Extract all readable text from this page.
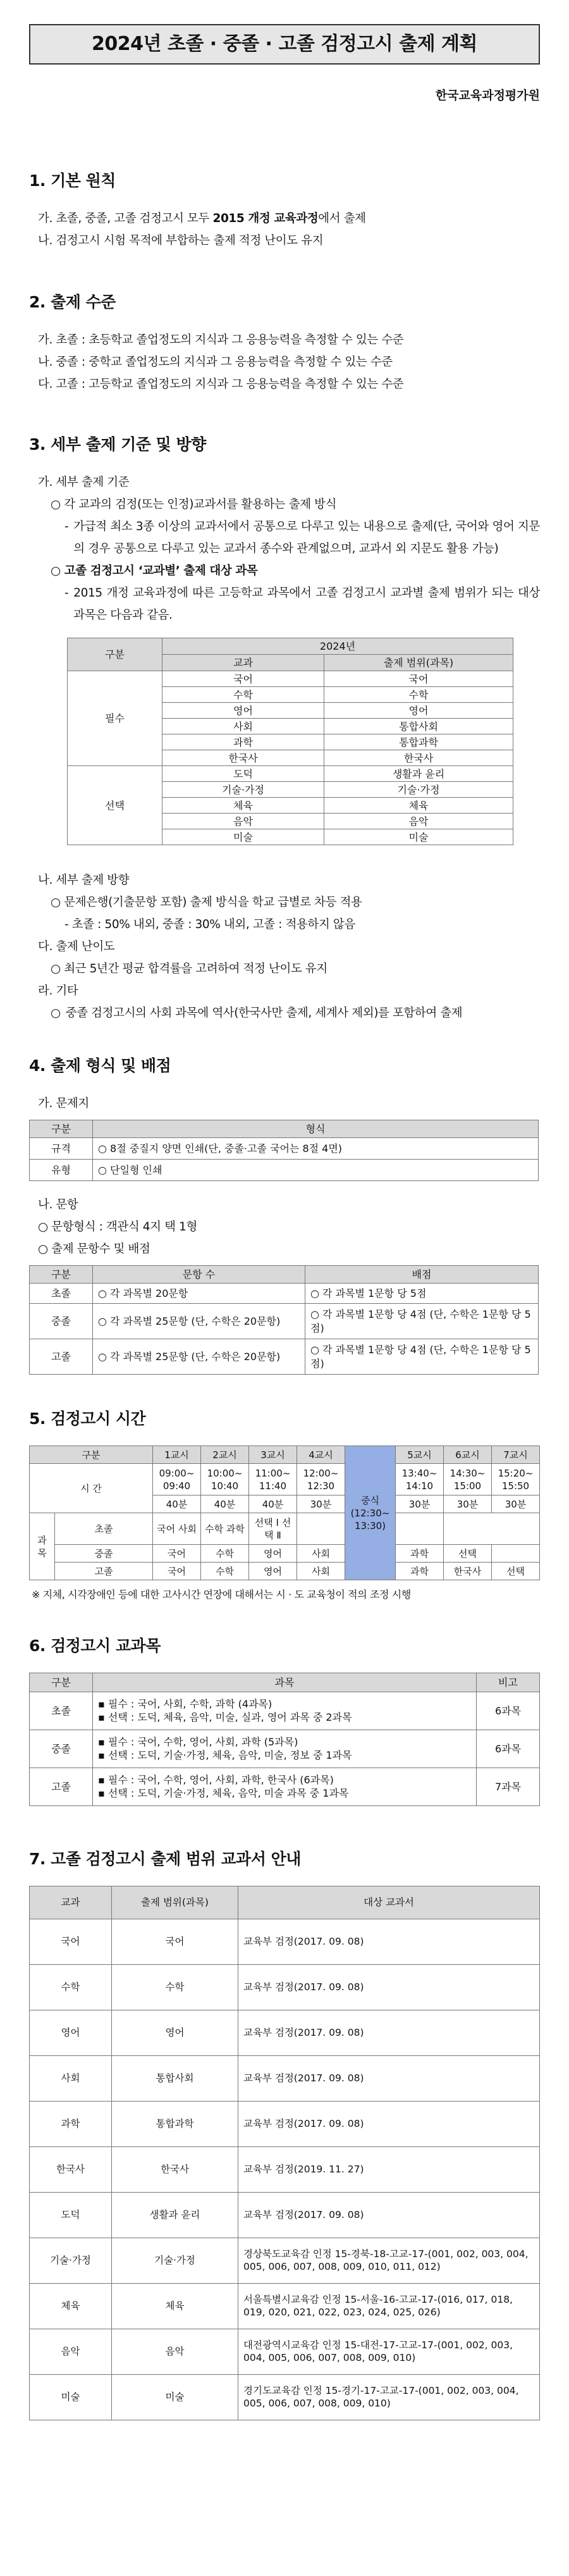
2024년 초졸 · 중졸 · 고졸 검정고시 출제 계획
한국교육과정평가원
1. 기본 원칙
가. 초졸, 중졸, 고졸 검정고시 모두 2015 개정 교육과정에서 출제
나. 검정고시 시험 목적에 부합하는 출제 적정 난이도 유지
2. 출제 수준
가. 초졸 : 초등학교 졸업정도의 지식과 그 응용능력을 측정할 수 있는 수준
나. 중졸 : 중학교 졸업정도의 지식과 그 응용능력을 측정할 수 있는 수준
다. 고졸 : 고등학교 졸업정도의 지식과 그 응용능력을 측정할 수 있는 수준
3. 세부 출제 기준 및 방향
가. 세부 출제 기준
○ 각 교과의 검정(또는 인정)교과서를 활용하는 출제 방식
- 가급적 최소 3종 이상의 교과서에서 공통으로 다루고 있는 내용으로 출제(단, 국어와 영어 지문의 경우 공통으로 다루고 있는 교과서 종수와 관계없으며, 교과서 외 지문도 활용 가능)
○ 고졸 검정고시 ‘교과별’ 출제 대상 과목
- 2015 개정 교육과정에 따른 고등학교 과목에서 고졸 검정고시 교과별 출제 범위가 되는 대상 과목은 다음과 같음.
구분	2024년	
	교과	출제 범위(과목)
필수	국어	국어
	수학	수학
	영어	영어
	사회	통합사회
	과학	통합과학
	한국사	한국사
선택	도덕	생활과 윤리
	기술·가정	기술·가정
	체육	체육
	음악	음악
	미술	미술
나. 세부 출제 방향
○ 문제은행(기출문항 포함) 출제 방식을 학교 급별로 차등 적용
- 초졸 : 50% 내외, 중졸 : 30% 내외, 고졸 : 적용하지 않음
다. 출제 난이도
○ 최근 5년간 평균 합격률을 고려하여 적정 난이도 유지
라. 기타
○ 중졸 검정고시의 사회 과목에 역사(한국사만 출제, 세계사 제외)를 포함하여 출제
4. 출제 형식 및 배점
가. 문제지
구분	형식
규격	○ 8절 중질지 양면 인쇄(단, 중졸·고졸 국어는 8절 4면)
유형	○ 단일형 인쇄
나. 문항
○ 문항형식 : 객관식 4지 택 1형
○ 출제 문항수 및 배점
구분	문항 수	배점
초졸	○ 각 과목별 20문항	○ 각 과목별 1문항 당 5점
중졸	○ 각 과목별 25문항 (단, 수학은 20문항)	○ 각 과목별 1문항 당 4점 (단, 수학은 1문항 당 5점)
고졸	○ 각 과목별 25문항 (단, 수학은 20문항)	○ 각 과목별 1문항 당 4점 (단, 수학은 1문항 당 5점)
5. 검정고시 시간
구분		1교시	2교시	3교시	4교시	중식 (12:30~ 13:30)	5교시	6교시	7교시
시 간		09:00~ 09:40	10:00~ 10:40	11:00~ 11:40	12:00~ 12:30		13:40~ 14:10	14:30~ 15:00	15:20~ 15:50
		40분	40분	40분	30분		30분	30분	30분
과 목	초졸	국어 사회	수학 과학	선택 Ⅰ 선택 Ⅱ					
	중졸	국어	수학	영어	사회		과학	선택	
	고졸	국어	수학	영어	사회		과학	한국사	선택
※ 지체, 시각장애인 등에 대한 고사시간 연장에 대해서는 시 · 도 교육청이 적의 조정 시행
6. 검정고시 교과목
구분	과목	비고
초졸	▪ 필수 : 국어, 사회, 수학, 과학 (4과목)
▪ 선택 : 도덕, 체육, 음악, 미술, 실과, 영어 과목 중 2과목	6과목
중졸	▪ 필수 : 국어, 수학, 영어, 사회, 과학 (5과목)
▪ 선택 : 도덕, 기술·가정, 체육, 음악, 미술, 정보 중 1과목	6과목
고졸	▪ 필수 : 국어, 수학, 영어, 사회, 과학, 한국사 (6과목)
▪ 선택 : 도덕, 기술·가정, 체육, 음악, 미술 과목 중 1과목	7과목
7. 고졸 검정고시 출제 범위 교과서 안내
교과	출제 범위(과목)	대상 교과서
국어	국어	교육부 검정(2017. 09. 08)
수학	수학	교육부 검정(2017. 09. 08)
영어	영어	교육부 검정(2017. 09. 08)
사회	통합사회	교육부 검정(2017. 09. 08)
과학	통합과학	교육부 검정(2017. 09. 08)
한국사	한국사	교육부 검정(2019. 11. 27)
도덕	생활과 윤리	교육부 검정(2017. 09. 08)
기술·가정	기술·가정	경상북도교육감 인정 15-경북-18-고교-17-(001, 002, 003, 004, 005, 006, 007, 008, 009, 010, 011, 012)
체육	체육	서울특별시교육감 인정 15-서울-16-고교-17-(016, 017, 018, 019, 020, 021, 022, 023, 024, 025, 026)
음악	음악	대전광역시교육감 인정 15-대전-17-고교-17-(001, 002, 003, 004, 005, 006, 007, 008, 009, 010)
미술	미술	경기도교육감 인정 15-경기-17-고교-17-(001, 002, 003, 004, 005, 006, 007, 008, 009, 010)
